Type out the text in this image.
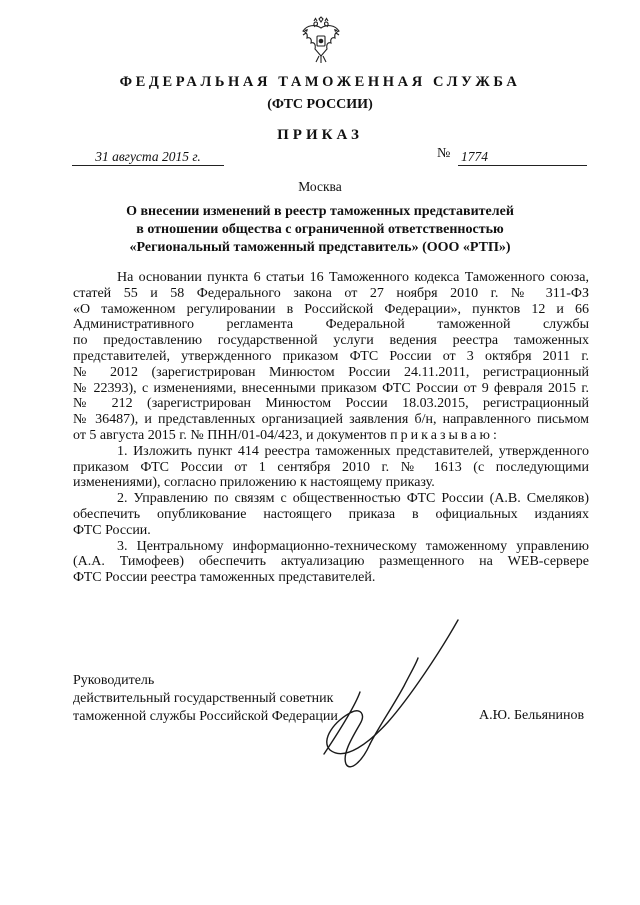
ФЕДЕРАЛЬНАЯ ТАМОЖЕННАЯ СЛУЖБА
(ФТС РОССИИ)
ПРИКАЗ
31 августа 2015 г.	№ 1774
Москва
О внесении изменений в реестр таможенных представителей
в отношении общества с ограниченной ответственностью
«Региональный таможенный представитель» (ООО «РТП»)
На основании пункта 6 статьи 16 Таможенного кодекса Таможенного союза,
статей 55 и 58 Федерального закона от 27 ноября 2010 г. № 311-ФЗ
«О таможенном регулировании в Российской Федерации», пунктов 12 и 66
Административного регламента Федеральной таможенной службы
по предоставлению государственной услуги ведения реестра таможенных
представителей, утвержденного приказом ФТС России от 3 октября 2011 г.
№ 2012 (зарегистрирован Минюстом России 24.11.2011, регистрационный
№ 22393), с изменениями, внесенными приказом ФТС России от 9 февраля 2015 г.
№ 212 (зарегистрирован Минюстом России 18.03.2015, регистрационный
№ 36487), и представленных организацией заявления б/н, направленного письмом
от 5 августа 2015 г. № ПНН/01-04/423, и документов приказываю:
1. Изложить пункт 414 реестра таможенных представителей, утвержденного
приказом ФТС России от 1 сентября 2010 г. № 1613 (с последующими
изменениями), согласно приложению к настоящему приказу.
2. Управлению по связям с общественностью ФТС России (А.В. Смеляков)
обеспечить опубликование настоящего приказа в официальных изданиях
ФТС России.
3. Центральному информационно-техническому таможенному управлению
(А.А. Тимофеев) обеспечить актуализацию размещенного на WEB-сервере
ФТС России реестра таможенных представителей.
Руководитель
действительный государственный советник
таможенной службы Российской Федерации	А.Ю. Бельянинов
